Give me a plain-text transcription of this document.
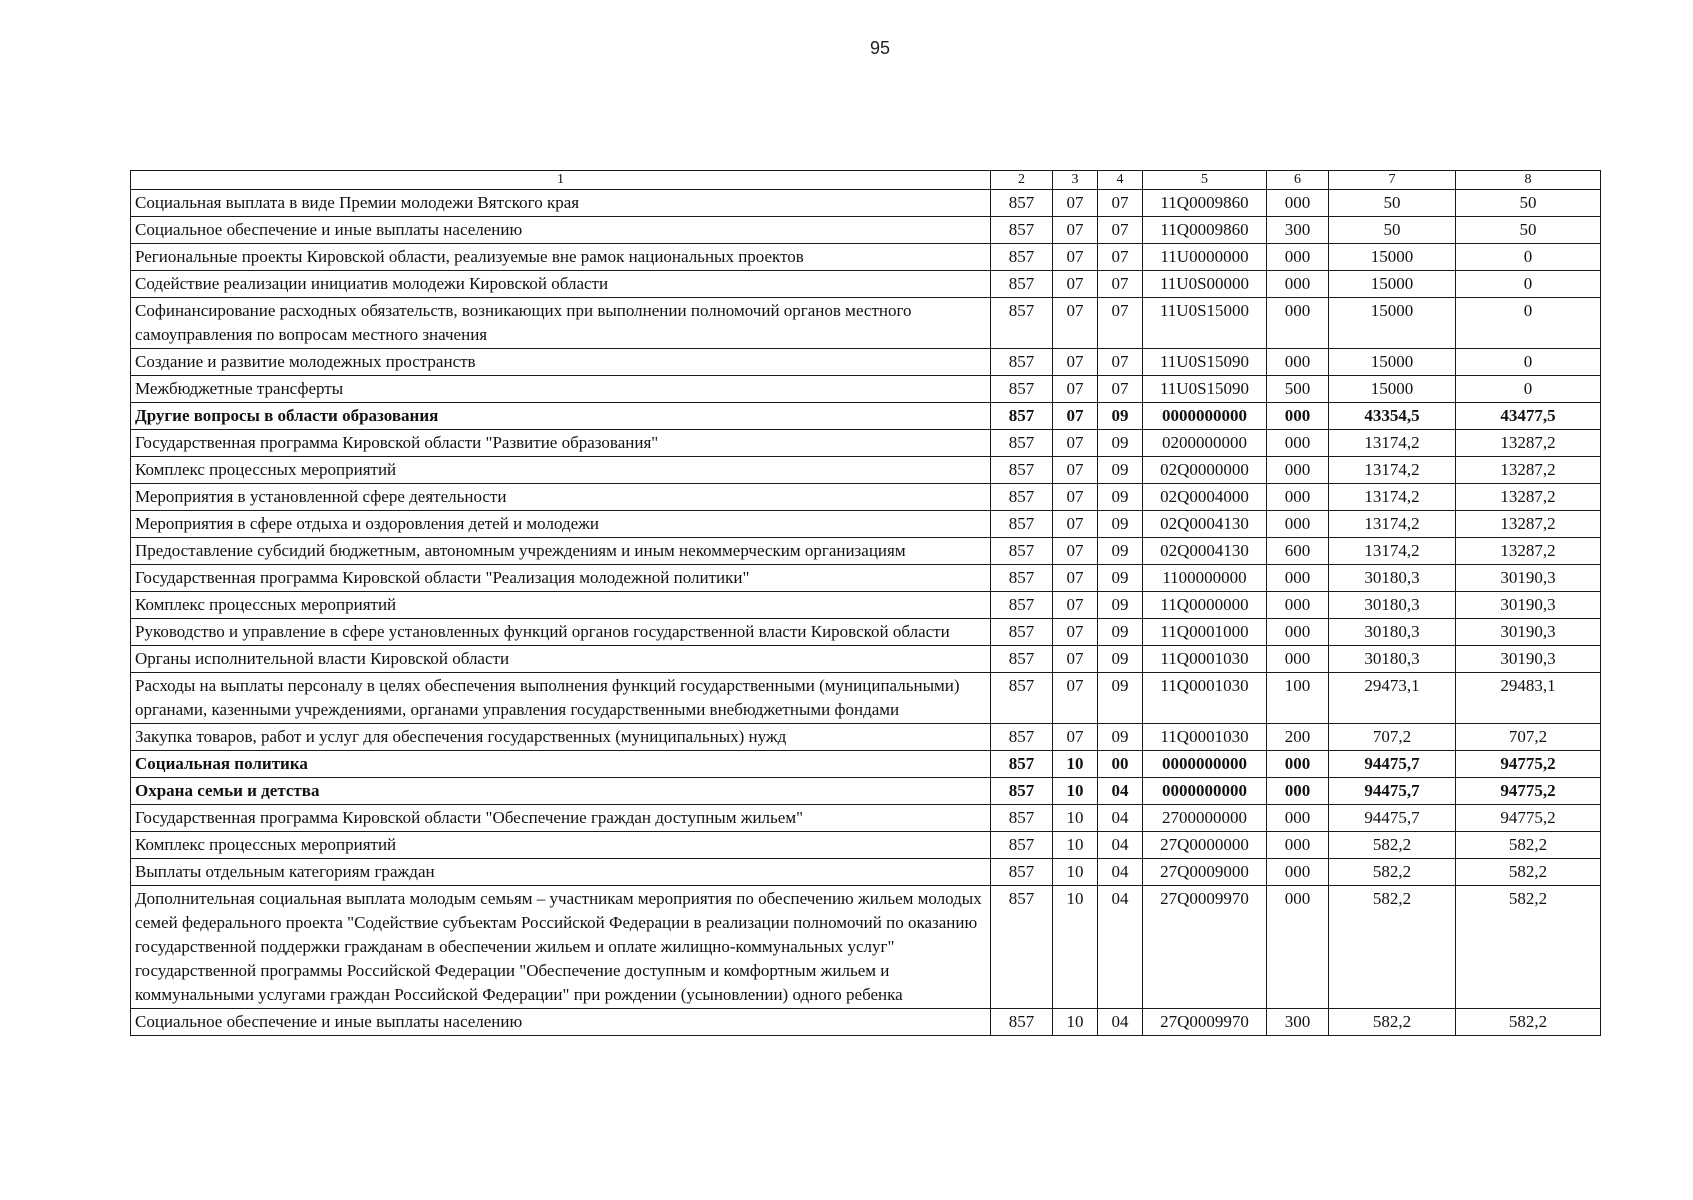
95
1	2	3	4	5	6	7	8
Социальная выплата в виде Премии молодежи Вятского края	857	07	07	11Q0009860	000	50	50
Социальное обеспечение и иные выплаты населению	857	07	07	11Q0009860	300	50	50
Региональные проекты Кировской области, реализуемые вне рамок национальных проектов	857	07	07	11U0000000	000	15000	0
Содействие реализации инициатив молодежи Кировской области	857	07	07	11U0S00000	000	15000	0
Софинансирование расходных обязательств, возникающих при выполнении полномочий органов местного самоуправления по вопросам местного значения	857	07	07	11U0S15000	000	15000	0
Создание и развитие молодежных пространств	857	07	07	11U0S15090	000	15000	0
Межбюджетные трансферты	857	07	07	11U0S15090	500	15000	0
Другие вопросы в области образования	857	07	09	0000000000	000	43354,5	43477,5
Государственная программа Кировской области "Развитие образования"	857	07	09	0200000000	000	13174,2	13287,2
Комплекс процессных мероприятий	857	07	09	02Q0000000	000	13174,2	13287,2
Мероприятия в установленной сфере деятельности	857	07	09	02Q0004000	000	13174,2	13287,2
Мероприятия в сфере отдыха и оздоровления детей и молодежи	857	07	09	02Q0004130	000	13174,2	13287,2
Предоставление субсидий бюджетным, автономным учреждениям и иным некоммерческим организациям	857	07	09	02Q0004130	600	13174,2	13287,2
Государственная программа Кировской области "Реализация молодежной политики"	857	07	09	1100000000	000	30180,3	30190,3
Комплекс процессных мероприятий	857	07	09	11Q0000000	000	30180,3	30190,3
Руководство и управление в сфере установленных функций органов государственной власти Кировской области	857	07	09	11Q0001000	000	30180,3	30190,3
Органы исполнительной власти Кировской области	857	07	09	11Q0001030	000	30180,3	30190,3
Расходы на выплаты персоналу в целях обеспечения выполнения функций государственными (муниципальными) органами, казенными учреждениями, органами управления государственными внебюджетными фондами	857	07	09	11Q0001030	100	29473,1	29483,1
Закупка товаров, работ и услуг для обеспечения государственных (муниципальных) нужд	857	07	09	11Q0001030	200	707,2	707,2
Социальная политика	857	10	00	0000000000	000	94475,7	94775,2
Охрана семьи и детства	857	10	04	0000000000	000	94475,7	94775,2
Государственная программа Кировской области "Обеспечение граждан доступным жильем"	857	10	04	2700000000	000	94475,7	94775,2
Комплекс процессных мероприятий	857	10	04	27Q0000000	000	582,2	582,2
Выплаты отдельным категориям граждан	857	10	04	27Q0009000	000	582,2	582,2
Дополнительная социальная выплата молодым семьям – участникам мероприятия по обеспечению жильем молодых семей федерального проекта "Содействие субъектам Российской Федерации в реализации полномочий по оказанию государственной поддержки гражданам в обеспечении жильем и оплате жилищно-коммунальных услуг" государственной программы Российской Федерации "Обеспечение доступным и комфортным жильем и коммунальными услугами граждан Российской Федерации" при рождении (усыновлении) одного ребенка	857	10	04	27Q0009970	000	582,2	582,2
Социальное обеспечение и иные выплаты населению	857	10	04	27Q0009970	300	582,2	582,2
